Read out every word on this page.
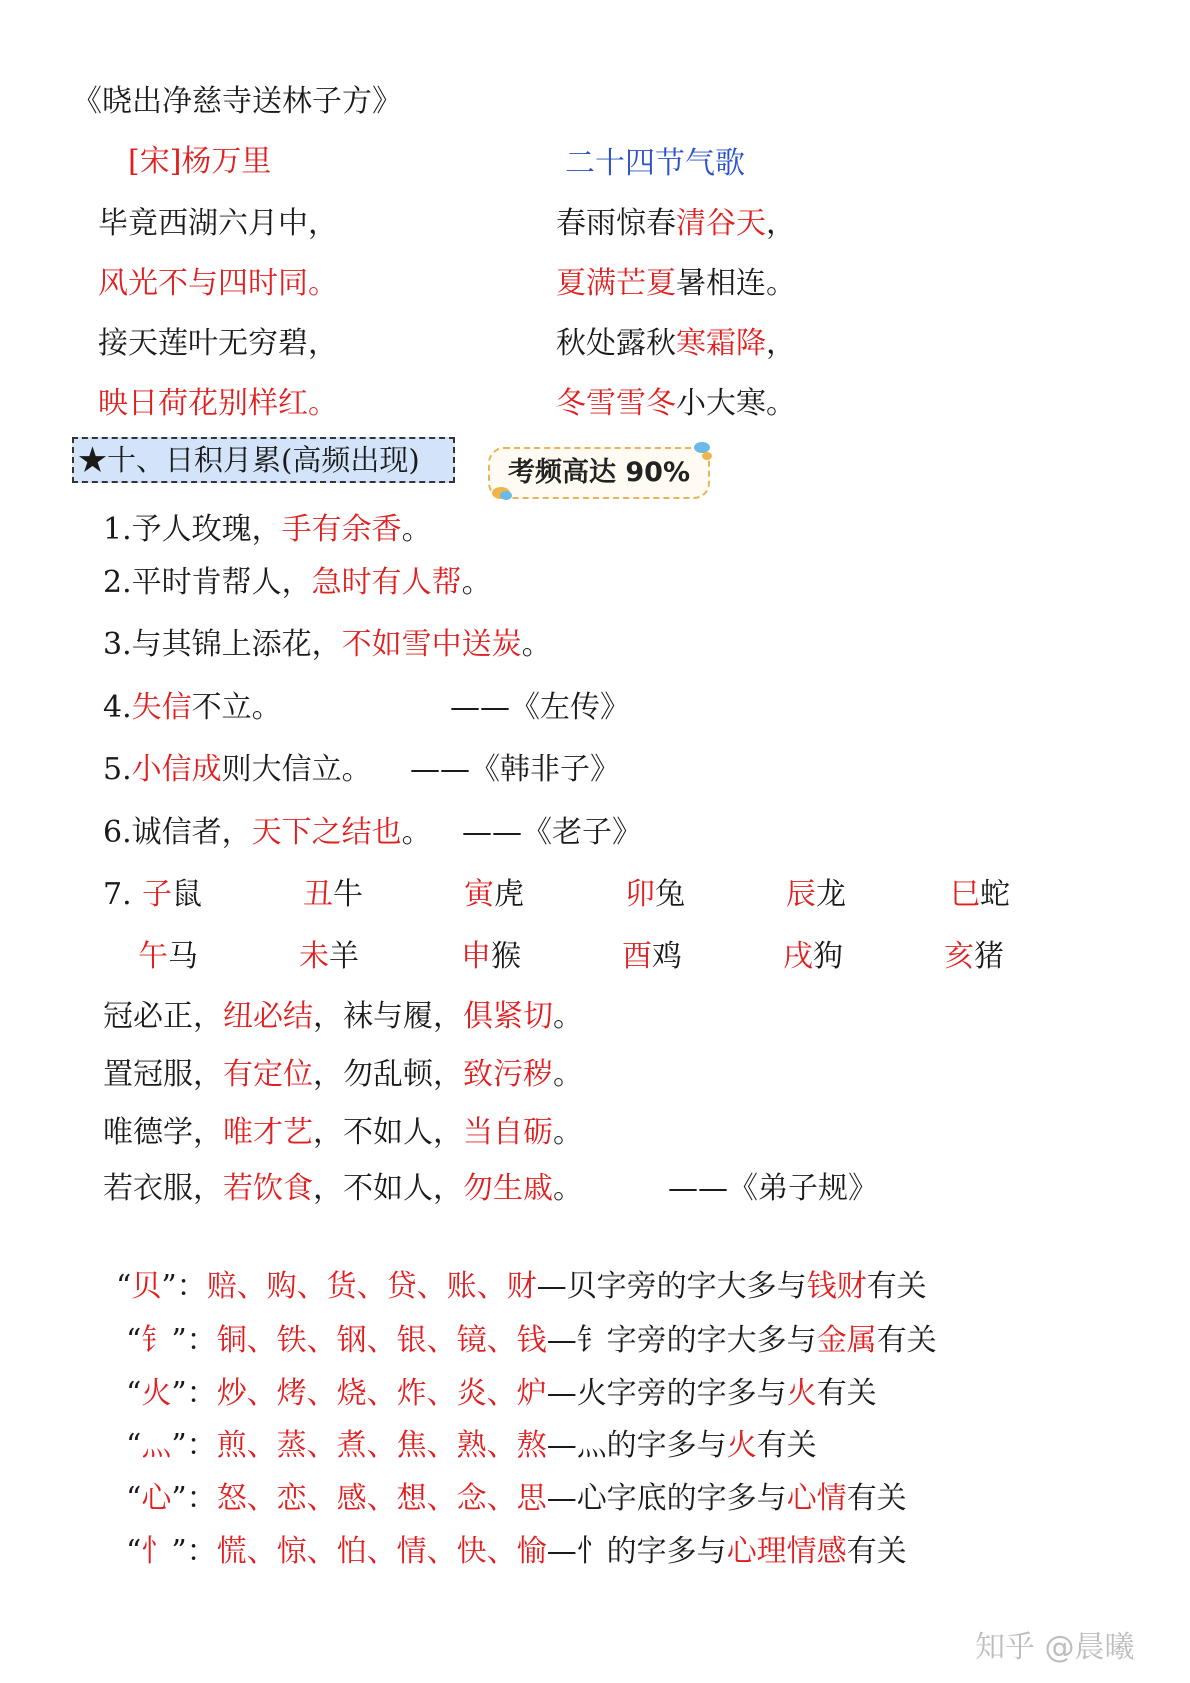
《晓出净慈寺送林子方》
[宋]杨万里
毕竟西湖六月中，
风光不与四时同。
接天莲叶无穷碧，
映日荷花别样红。
二十四节气歌
春雨惊春清谷天，
夏满芒夏暑相连。
秋处露秋寒霜降，
冬雪雪冬小大寒。
★十、日积月累(高频出现)	考频高达 90%
1.予人玫瑰，手有余香。
2.平时肯帮人，急时有人帮。
3.与其锦上添花，不如雪中送炭。
4.失信不立。	——《左传》
5.小信成则大信立。 ——《韩非子》
6.诚信者，天下之结也。 ——《老子》
7. 子鼠	丑牛	寅虎	卯兔	辰龙	巳蛇
午马	未羊	申猴	酉鸡	戌狗	亥猪
冠必正，纽必结，袜与履，俱紧切。
置冠服，有定位，勿乱顿，致污秽。
唯德学，唯才艺，不如人，当自砺。
若衣服，若饮食，不如人，勿生戚。	——《弟子规》
“贝”：赔、购、货、贷、账、财—贝字旁的字大多与钱财有关
“钅”：铜、铁、钢、银、镜、钱—钅字旁的字大多与金属有关
“火”：炒、烤、烧、炸、炎、炉—火字旁的字多与火有关
“灬”：煎、蒸、煮、焦、熟、熬—灬的字多与火有关
“心”：怒、恋、感、想、念、思—心字底的字多与心情有关
“忄”：慌、惊、怕、情、快、愉—忄的字多与心理情感有关
知乎 @晨曦
